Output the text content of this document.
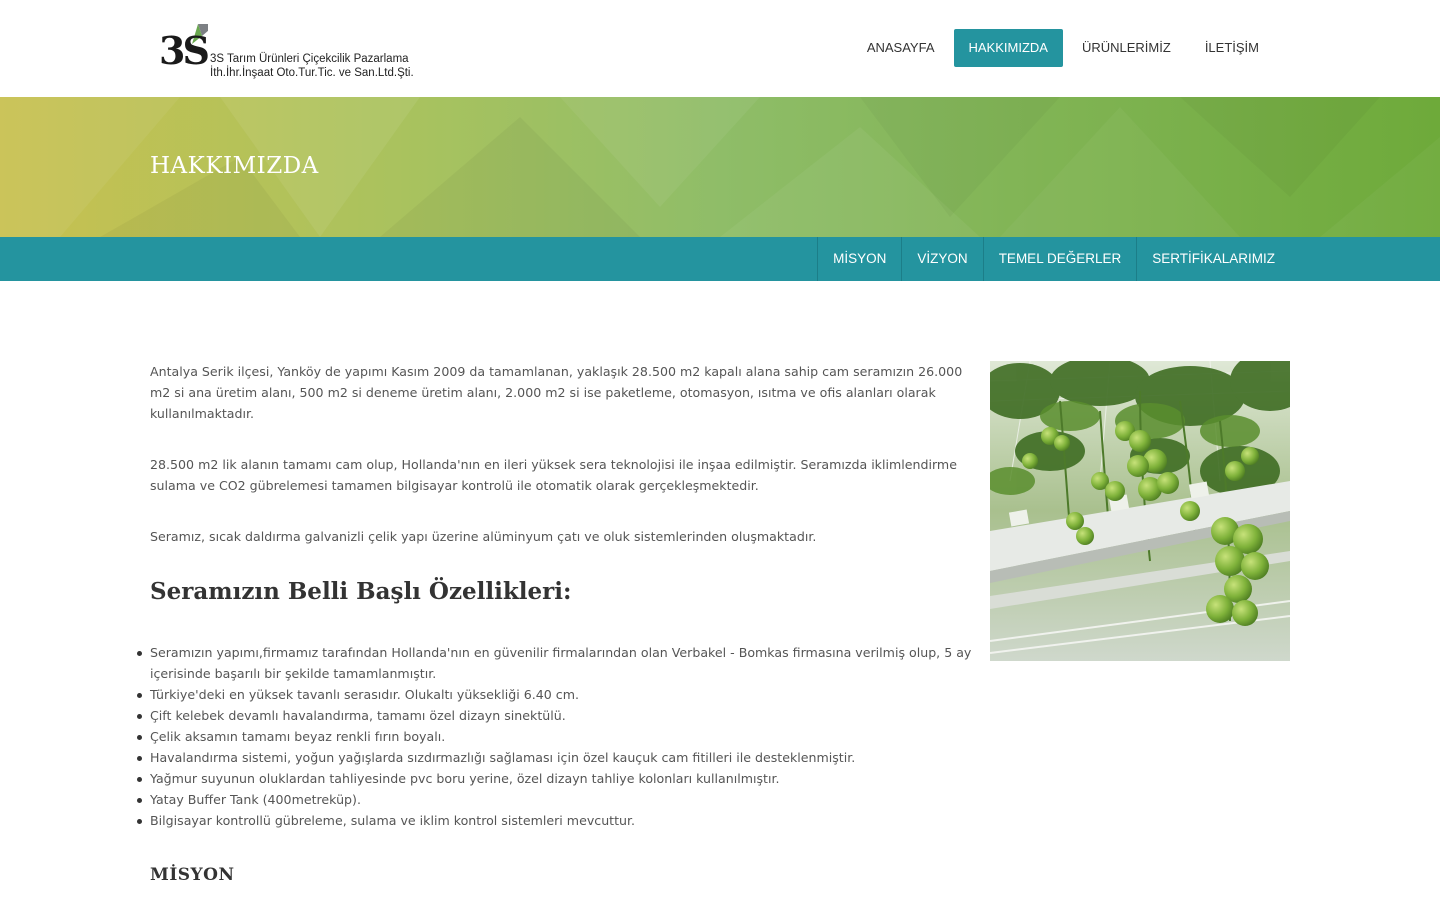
3S 3S Tarım Ürünleri Çiçekcilik Pazarlama
İth.İhr.İnşaat Oto.Tur.Tic. ve San.Ltd.Şti.
ANASAYFA	HAKKIMIZDA	ÜRÜNLERİMİZ	İLETİŞİM
HAKKIMIZDA
MİSYON	VİZYON	TEMEL DEĞERLER	SERTİFİKALARIMIZ

Antalya Serik ilçesi, Yanköy de yapımı Kasım 2009 da tamamlanan, yaklaşık 28.500 m2 kapalı alana sahip cam seramızın 26.000 m2 si ana üretim alanı, 500 m2 si deneme üretim alanı, 2.000 m2 si ise paketleme, otomasyon, ısıtma ve ofis alanları olarak kullanılmaktadır.

28.500 m2 lik alanın tamamı cam olup, Hollanda'nın en ileri yüksek sera teknolojisi ile inşaa edilmiştir. Seramızda iklimlendirme sulama ve CO2 gübrelemesi tamamen bilgisayar kontrolü ile otomatik olarak gerçekleşmektedir.

Seramız, sıcak daldırma galvanizli çelik yapı üzerine alüminyum çatı ve oluk sistemlerinden oluşmaktadır.

Seramızın Belli Başlı Özellikleri:
Seramızın yapımı,firmamız tarafından Hollanda'nın en güvenilir firmalarından olan Verbakel - Bomkas firmasına verilmiş olup, 5 ay içerisinde başarılı bir şekilde tamamlanmıştır.
Türkiye'deki en yüksek tavanlı serasıdır. Olukaltı yüksekliği 6.40 cm.
Çift kelebek devamlı havalandırma, tamamı özel dizayn sinektülü.
Çelik aksamın tamamı beyaz renkli fırın boyalı.
Havalandırma sistemi, yoğun yağışlarda sızdırmazlığı sağlaması için özel kauçuk cam fitilleri ile desteklenmiştir.
Yağmur suyunun oluklardan tahliyesinde pvc boru yerine, özel dizayn tahliye kolonları kullanılmıştır.
Yatay Buffer Tank (400metreküp).
Bilgisayar kontrollü gübreleme, sulama ve iklim kontrol sistemleri mevcuttur.
MİSYON
